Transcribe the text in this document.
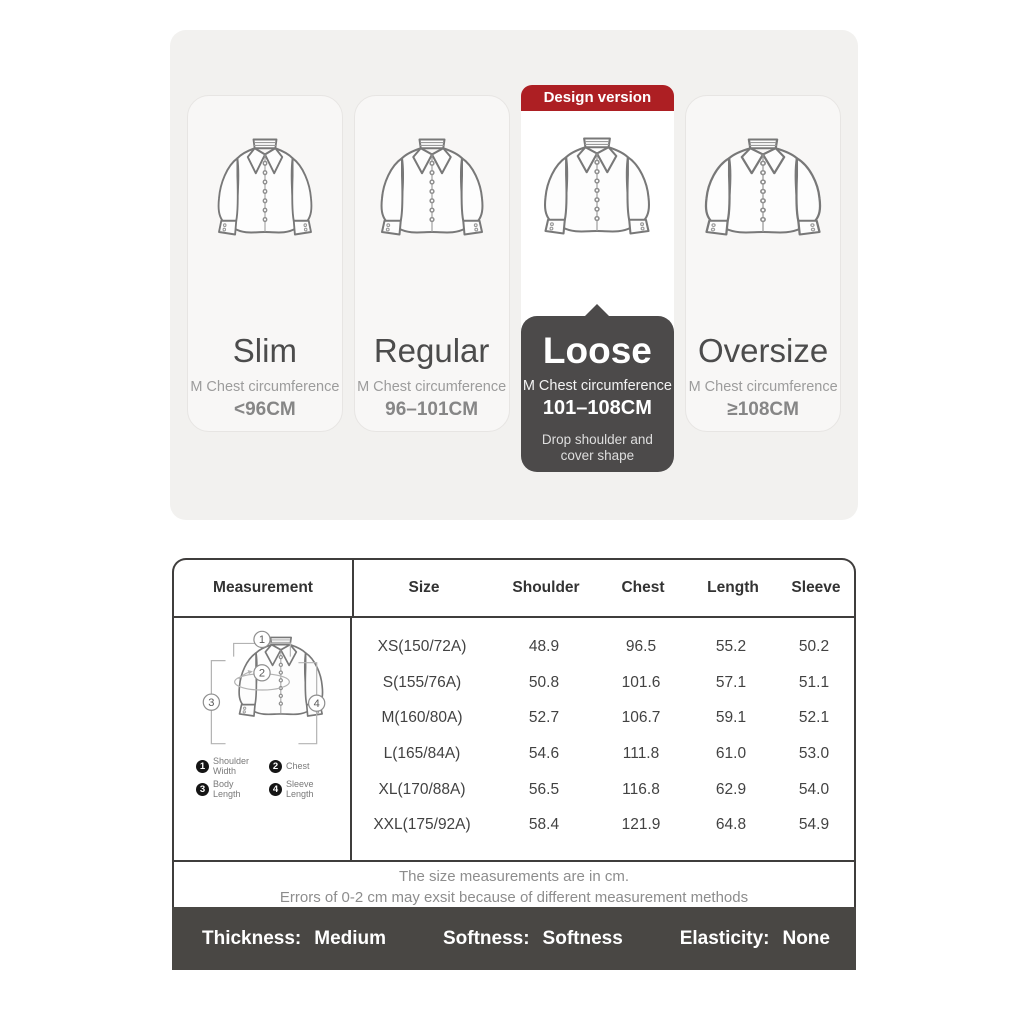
Slim
M Chest circumference
<96CM
Regular
M Chest circumference
96–101CM
Design version
Loose
M Chest circumference
101–108CM
Drop shoulder and cover shape
Oversize
M Chest circumference
≥108CM
Measurement	Size	Shoulder	Chest	Length	Sleeve
1
2
3	4
1 Shoulder Width	2 Chest
3 Body Length	4 Sleeve Length
XS(150/72A)	48.9	96.5	55.2	50.2
S(155/76A)	50.8	101.6	57.1	51.1
M(160/80A)	52.7	106.7	59.1	52.1
L(165/84A)	54.6	111.8	61.0	53.0
XL(170/88A)	56.5	116.8	62.9	54.0
XXL(175/92A)	58.4	121.9	64.8	54.9
The size measurements are in cm.
Errors of 0-2 cm may exsit because of different measurement methods
Thickness: Medium	Softness: Softness	Elasticity: None
